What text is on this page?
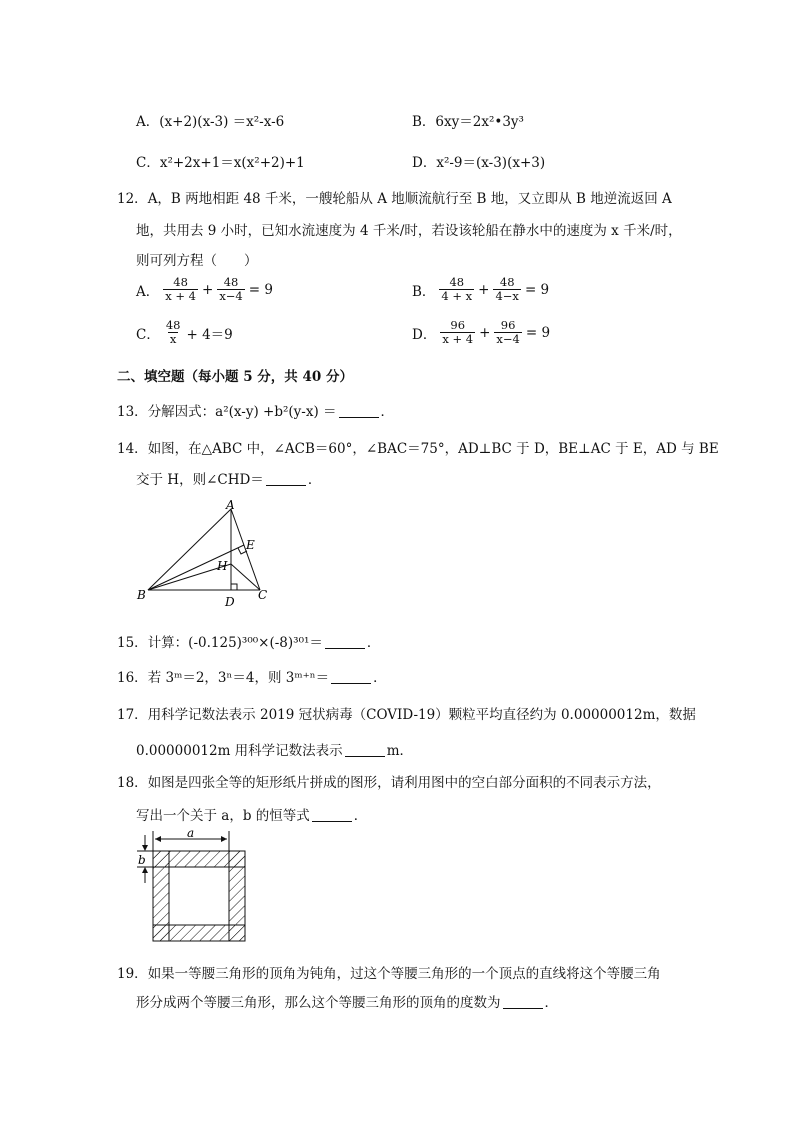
A．(x+2)(x-3) ＝x²-x-6	B．6xy＝2x²•3y³
C．x²+2x+1＝x(x²+2)+1	D．x²-9＝(x-3)(x+3)
12．A，B 两地相距 48 千米，一艘轮船从 A 地顺流航行至 B 地，又立即从 B 地逆流返回 A
地，共用去 9 小时，已知水流速度为 4 千米/时，若设该轮船在静水中的速度为 x 千米/时，
则可列方程（　　）
A． $\frac{48}{x + 4} + \frac{48}{x-4} = 9$	B． $\frac{48}{4 + x} + \frac{48}{4-x} = 9$
C． $\frac{48}{x} + 4=9$	D． $\frac{96}{x + 4} + \frac{96}{x-4} = 9$
二、填空题（每小题 5 分，共 40 分）
13．分解因式：a²(x-y) +b²(y-x) ＝	．
14．如图，在△ABC 中，∠ACB＝60°，∠BAC＝75°，AD⊥BC 于 D，BE⊥AC 于 E，AD 与 BE
交于 H，则∠CHD＝	．
A
B	C
D
E
H
15．计算：(-0.125)³⁰⁰×(-8)³⁰¹＝	．
16．若 3ᵐ＝2，3ⁿ＝4，则 3ᵐ⁺ⁿ＝	．
17．用科学记数法表示 2019 冠状病毒（COVID-19）颗粒平均直径约为 0.00000012m，数据
0.00000012m 用科学记数法表示	m．
18．如图是四张全等的矩形纸片拼成的图形，请利用图中的空白部分面积的不同表示方法，
写出一个关于 a，b 的恒等式	．
a
b
19．如果一等腰三角形的顶角为钝角，过这个等腰三角形的一个顶点的直线将这个等腰三角
形分成两个等腰三角形，那么这个等腰三角形的顶角的度数为	．
